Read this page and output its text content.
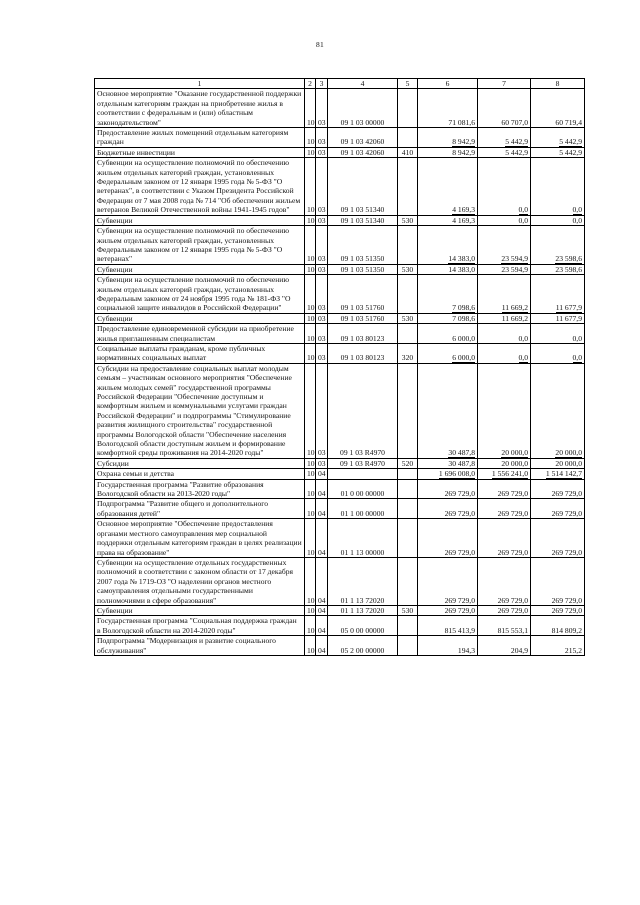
81
1	2	3	4	5	6	7	8
Основное мероприятие "Оказание государственной поддержки отдельным категориям граждан на приобретение жилья в соответствии с федеральным и (или) областным законодательством"	10	03	09 1 03 00000		71 081,6	60 707,0	60 719,4
Предоставление жилых помещений отдельным категориям граждан	10	03	09 1 03 42060		8 942,9	5 442,9	5 442,9
Бюджетные инвестиции	10	03	09 1 03 42060	410	8 942,9	5 442,9	5 442,9
Субвенции на осуществление полномочий по обеспечению жильем отдельных категорий граждан, установленных Федеральным законом от 12 января 1995 года № 5-ФЗ "О ветеранах", в соответствии с Указом Президента Российской Федерации от 7 мая 2008 года № 714 "Об обеспечении жильем ветеранов Великой Отечественной войны 1941-1945 годов"	10	03	09 1 03 51340		4 169,3	0,0	0,0
Субвенции	10	03	09 1 03 51340	530	4 169,3	0,0	0,0
Субвенции на осуществление полномочий по обеспечению жильем отдельных категорий граждан, установленных Федеральным законом от 12 января 1995 года № 5-ФЗ "О ветеранах"	10	03	09 1 03 51350		14 383,0	23 594,9	23 598,6
Субвенции	10	03	09 1 03 51350	530	14 383,0	23 594,9	23 598,6
Субвенции на осуществление полномочий по обеспечению жильем отдельных категорий граждан, установленных Федеральным законом от 24 ноября 1995 года № 181-ФЗ "О социальной защите инвалидов в Российской Федерации"	10	03	09 1 03 51760		7 098,6	11 669,2	11 677,9
Субвенции	10	03	09 1 03 51760	530	7 098,6	11 669,2	11 677,9
Предоставление единовременной субсидии на приобретение жилья приглашенным специалистам	10	03	09 1 03 80123		6 000,0	0,0	0,0
Социальные выплаты гражданам, кроме публичных нормативных социальных выплат	10	03	09 1 03 80123	320	6 000,0	0,0	0,0
Субсидии на предоставление социальных выплат молодым семьям – участникам основного мероприятия "Обеспечение жильем молодых семей" государственной программы Российской Федерации "Обеспечение доступным и комфортным жильем и коммунальными услугами граждан Российской Федерации" и подпрограммы "Стимулирование развития жилищного строительства" государственной программы Вологодской области "Обеспечение населения Вологодской области доступным жильем и формирование комфортной среды проживания на 2014-2020 годы"	10	03	09 1 03 R4970		30 487,8	20 000,0	20 000,0
Субсидии	10	03	09 1 03 R4970	520	30 487,8	20 000,0	20 000,0
Охрана семьи и детства	10	04			1 696 008,0	1 556 241,0	1 514 142,7
Государственная программа "Развитие образования Вологодской области на 2013-2020 годы"	10	04	01 0 00 00000		269 729,0	269 729,0	269 729,0
Подпрограмма "Развитие общего и дополнительного образования детей"	10	04	01 1 00 00000		269 729,0	269 729,0	269 729,0
Основное мероприятие "Обеспечение предоставления органами местного самоуправления мер социальной поддержки отдельным категориям граждан в целях реализации права на образование"	10	04	01 1 13 00000		269 729,0	269 729,0	269 729,0
Субвенции на осуществление отдельных государственных полномочий в соответствии с законом области от 17 декабря 2007 года № 1719-ОЗ "О наделении органов местного самоуправления отдельными государственными полномочиями в сфере образования"	10	04	01 1 13 72020		269 729,0	269 729,0	269 729,0
Субвенции	10	04	01 1 13 72020	530	269 729,0	269 729,0	269 729,0
Государственная программа "Социальная поддержка граждан в Вологодской области на 2014-2020 годы"	10	04	05 0 00 00000		815 413,9	815 553,1	814 809,2
Подпрограмма "Модернизация и развитие социального обслуживания"	10	04	05 2 00 00000		194,3	204,9	215,2
